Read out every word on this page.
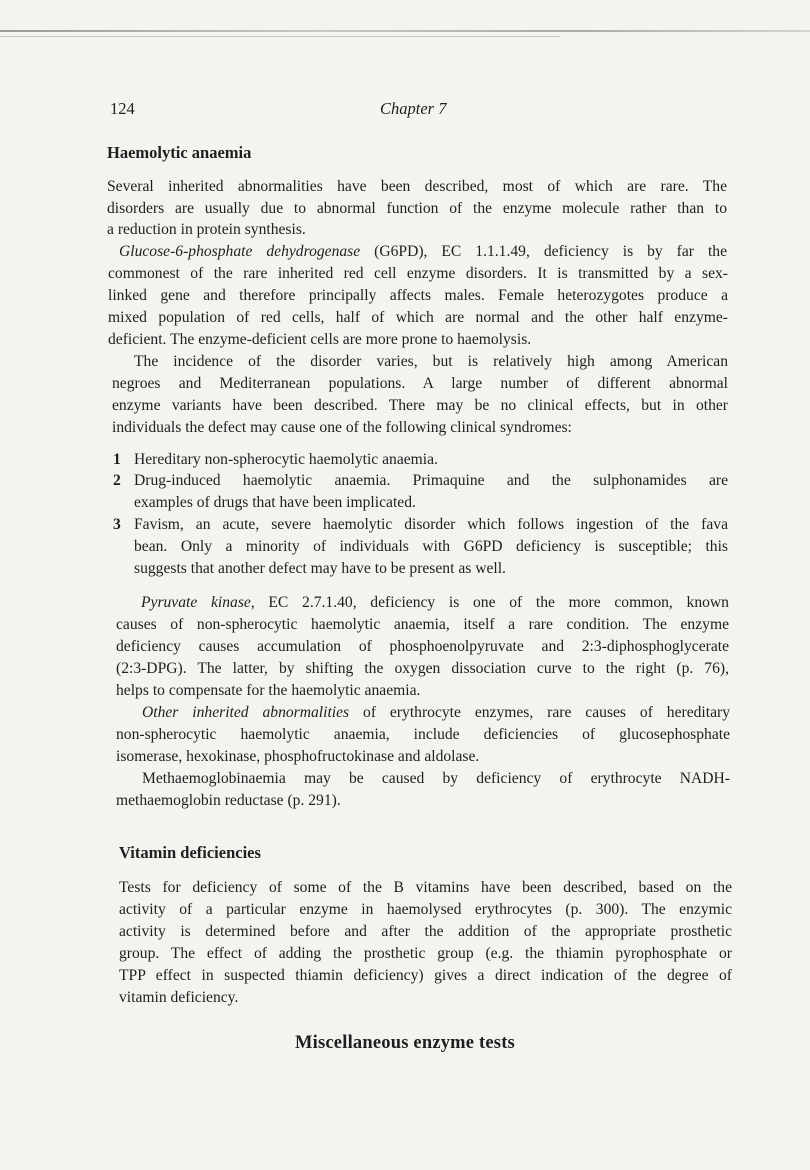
124	Chapter 7
Haemolytic anaemia
Several inherited abnormalities have been described, most of which are rare. The
disorders are usually due to abnormal function of the enzyme molecule rather than to
a reduction in protein synthesis.
Glucose-6-phosphate dehydrogenase (G6PD), EC 1.1.1.49, deficiency is by far the
commonest of the rare inherited red cell enzyme disorders. It is transmitted by a sex-
linked gene and therefore principally affects males. Female heterozygotes produce a
mixed population of red cells, half of which are normal and the other half enzyme-
deficient. The enzyme-deficient cells are more prone to haemolysis.
The incidence of the disorder varies, but is relatively high among American
negroes and Mediterranean populations. A large number of different abnormal
enzyme variants have been described. There may be no clinical effects, but in other
individuals the defect may cause one of the following clinical syndromes:
1 Hereditary non-spherocytic haemolytic anaemia.
2 Drug-induced haemolytic anaemia. Primaquine and the sulphonamides are
examples of drugs that have been implicated.
3 Favism, an acute, severe haemolytic disorder which follows ingestion of the fava
bean. Only a minority of individuals with G6PD deficiency is susceptible; this
suggests that another defect may have to be present as well.
Pyruvate kinase, EC 2.7.1.40, deficiency is one of the more common, known
causes of non-spherocytic haemolytic anaemia, itself a rare condition. The enzyme
deficiency causes accumulation of phosphoenolpyruvate and 2:3-diphosphoglycerate
(2:3-DPG). The latter, by shifting the oxygen dissociation curve to the right (p. 76),
helps to compensate for the haemolytic anaemia.
Other inherited abnormalities of erythrocyte enzymes, rare causes of hereditary
non-spherocytic haemolytic anaemia, include deficiencies of glucosephosphate
isomerase, hexokinase, phosphofructokinase and aldolase.
Methaemoglobinaemia may be caused by deficiency of erythrocyte NADH-
methaemoglobin reductase (p. 291).
Vitamin deficiencies
Tests for deficiency of some of the B vitamins have been described, based on the
activity of a particular enzyme in haemolysed erythrocytes (p. 300). The enzymic
activity is determined before and after the addition of the appropriate prosthetic
group. The effect of adding the prosthetic group (e.g. the thiamin pyrophosphate or
TPP effect in suspected thiamin deficiency) gives a direct indication of the degree of
vitamin deficiency.
Miscellaneous enzyme tests
